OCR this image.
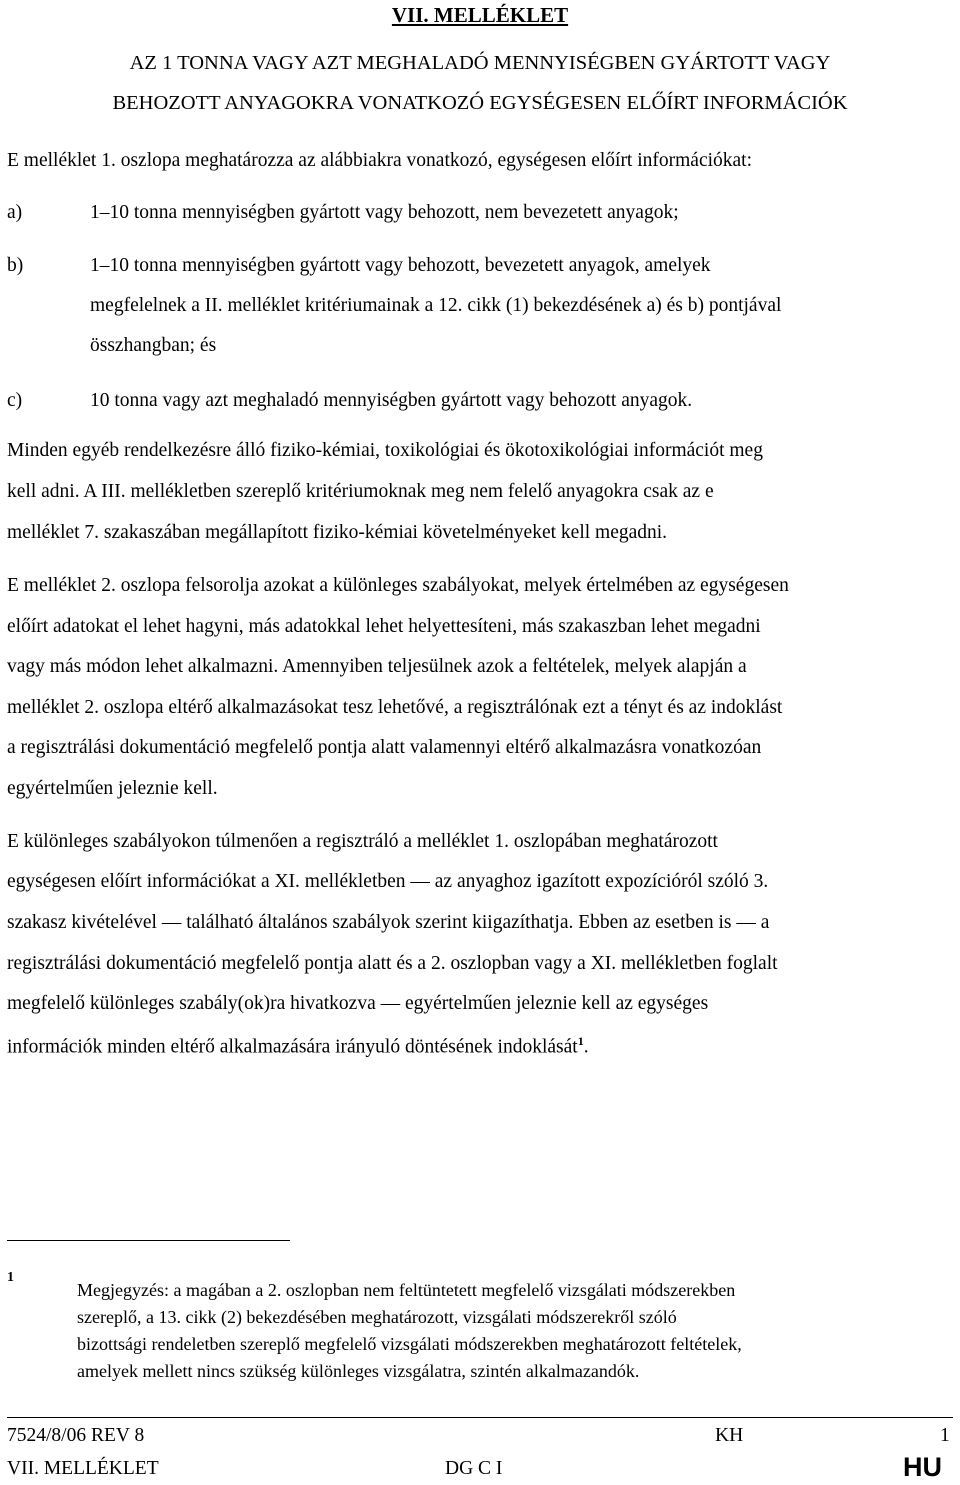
VII. MELLÉKLET
AZ 1 TONNA VAGY AZT MEGHALADÓ MENNYISÉGBEN GYÁRTOTT VAGY
BEHOZOTT ANYAGOKRA VONATKOZÓ EGYSÉGESEN ELŐÍRT INFORMÁCIÓK
E melléklet 1. oszlopa meghatározza az alábbiakra vonatkozó, egységesen előírt információkat:
a)	1–10 tonna mennyiségben gyártott vagy behozott, nem bevezetett anyagok;
b)	1–10 tonna mennyiségben gyártott vagy behozott, bevezetett anyagok, amelyek
megfelelnek a II. melléklet kritériumainak a 12. cikk (1) bekezdésének a) és b) pontjával
összhangban; és
c)	10 tonna vagy azt meghaladó mennyiségben gyártott vagy behozott anyagok.
Minden egyéb rendelkezésre álló fiziko-kémiai, toxikológiai és ökotoxikológiai információt meg
kell adni. A III. mellékletben szereplő kritériumoknak meg nem felelő anyagokra csak az e
melléklet 7. szakaszában megállapított fiziko-kémiai követelményeket kell megadni.
E melléklet 2. oszlopa felsorolja azokat a különleges szabályokat, melyek értelmében az egységesen
előírt adatokat el lehet hagyni, más adatokkal lehet helyettesíteni, más szakaszban lehet megadni
vagy más módon lehet alkalmazni. Amennyiben teljesülnek azok a feltételek, melyek alapján a
melléklet 2. oszlopa eltérő alkalmazásokat tesz lehetővé, a regisztrálónak ezt a tényt és az indoklást
a regisztrálási dokumentáció megfelelő pontja alatt valamennyi eltérő alkalmazásra vonatkozóan
egyértelműen jeleznie kell.
E különleges szabályokon túlmenően a regisztráló a melléklet 1. oszlopában meghatározott
egységesen előírt információkat a XI. mellékletben — az anyaghoz igazított expozícióról szóló 3.
szakasz kivételével — található általános szabályok szerint kiigazíthatja. Ebben az esetben is — a
regisztrálási dokumentáció megfelelő pontja alatt és a 2. oszlopban vagy a XI. mellékletben foglalt
megfelelő különleges szabály(ok)ra hivatkozva — egyértelműen jeleznie kell az egységes
információk minden eltérő alkalmazására irányuló döntésének indoklását$^1$.
1
Megjegyzés: a magában a 2. oszlopban nem feltüntetett megfelelő vizsgálati módszerekben
szereplő, a 13. cikk (2) bekezdésében meghatározott, vizsgálati módszerekről szóló
bizottsági rendeletben szereplő megfelelő vizsgálati módszerekben meghatározott feltételek,
amelyek mellett nincs szükség különleges vizsgálatra, szintén alkalmazandók.
7524/8/06 REV 8	KH	1
VII. MELLÉKLET	DG C I	HU
